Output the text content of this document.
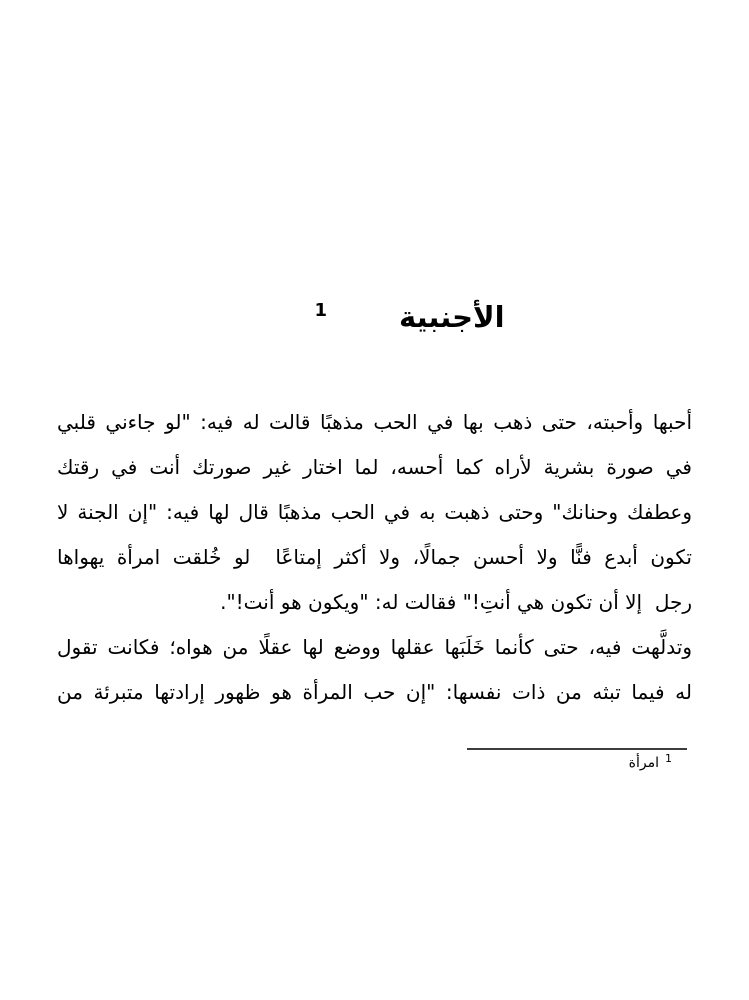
الأجنبية$^1$
أحبها وأحبته، حتى ذهب بها في الحب مذهبًا قالت له فيه: "لو جاءني قلبي
في صورة بشرية لأراه كما أحسه، لما اختار غير صورتك أنت في رقتك
وعطفك وحنانك" وحتى ذهبت به في الحب مذهبًا قال لها فيه: "إن الجنة لا
تكون أبدع فنًّا ولا أحسن جمالًا، ولا أكثر إمتاعًا  لو خُلقت امرأة يهواها
رجل  إلا أن تكون هي أنتِ!" فقالت له: "ويكون هو أنت!".
وتدلَّهت فيه، حتى كأنما خَلَبَها عقلها ووضع لها عقلًا من هواه؛ فكانت تقول
له فيما تبثه من ذات نفسها: "إن حب المرأة هو ظهور إرادتها متبرئة من
$^1$امرأة
